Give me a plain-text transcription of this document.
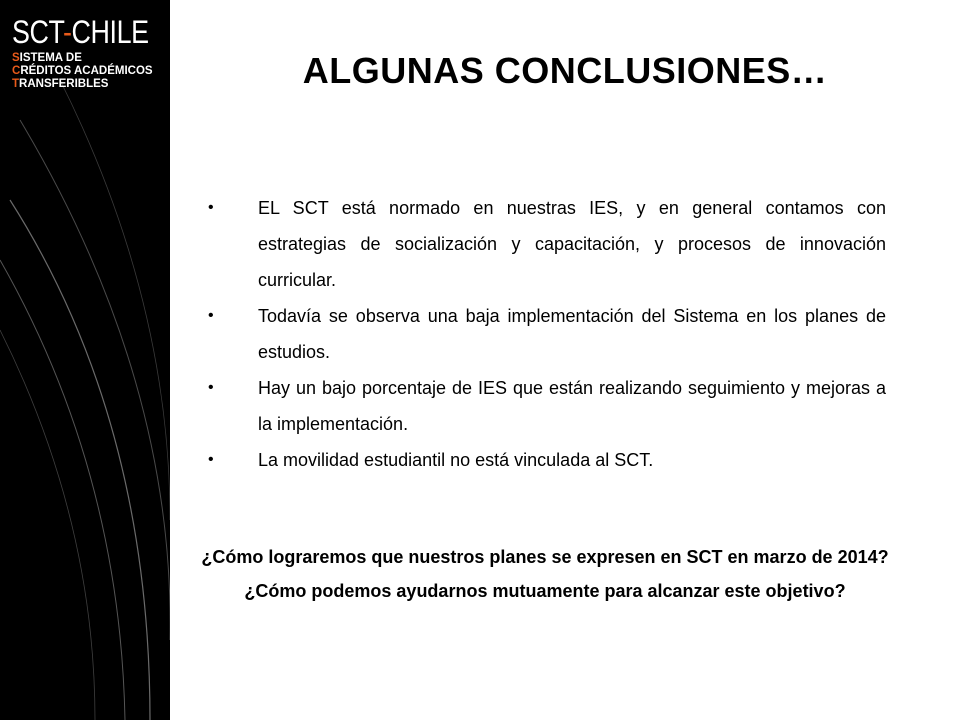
SCT-CHILE
SISTEMA DE
CRÉDITOS ACADÉMICOS
TRANSFERIBLES	ALGUNAS CONCLUSIONES…
• EL SCT está normado en nuestras IES, y en general contamos con estrategias de socialización y capacitación, y procesos de innovación curricular.
• Todavía se observa una baja implementación del Sistema en los planes de estudios.
• Hay un bajo porcentaje de IES que están realizando seguimiento y mejoras a la implementación.
• La movilidad estudiantil no está vinculada al SCT.

¿Cómo lograremos que nuestros planes se expresen en SCT en marzo de 2014?

¿Cómo podemos ayudarnos mutuamente para alcanzar este objetivo?
